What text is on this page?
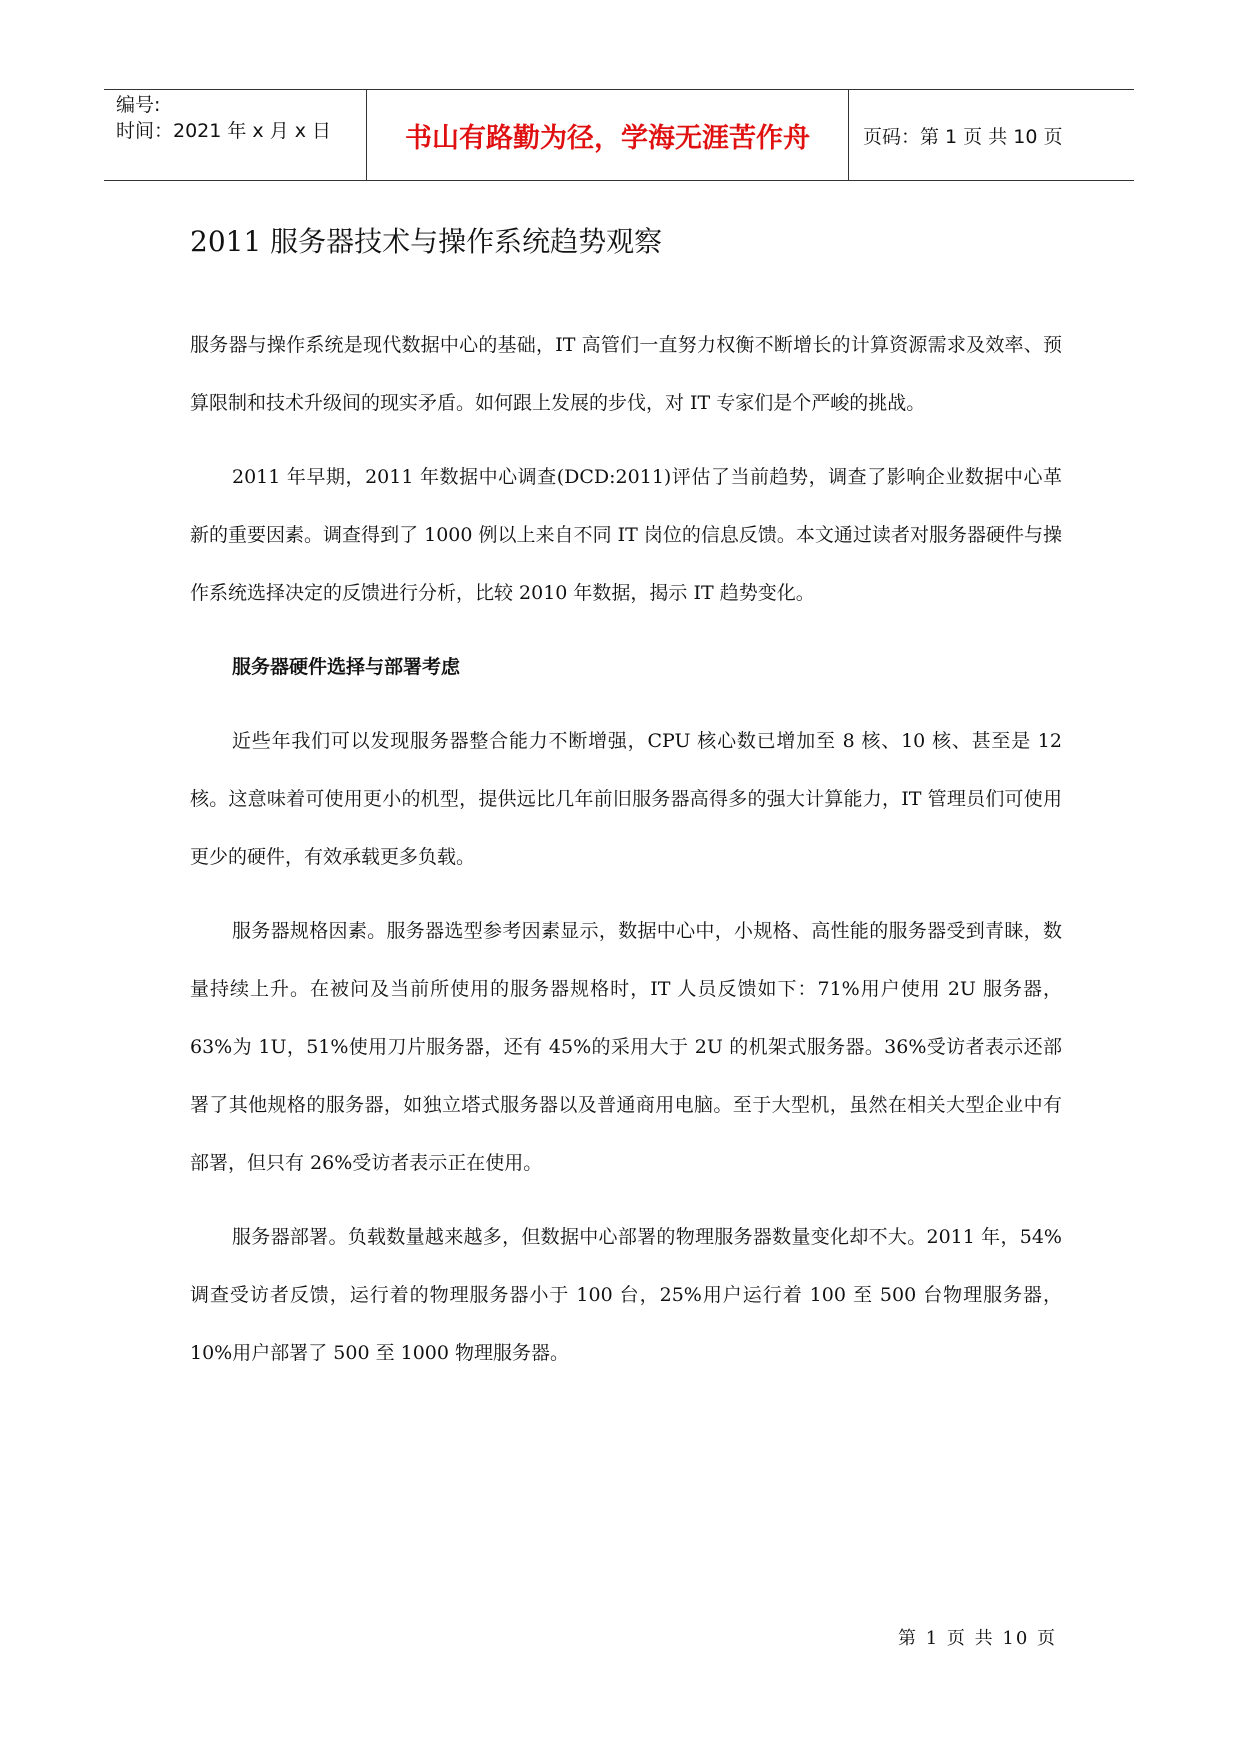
编号:
时间：2021 年 x 月 x 日	书山有路勤为径，学海无涯苦作舟	页码：第 1 页 共 10 页
2011 服务器技术与操作系统趋势观察

服务器与操作系统是现代数据中心的基础，IT 高管们一直努力权衡不断增长的计算资源需求及效率、预算限制和技术升级间的现实矛盾。如何跟上发展的步伐，对 IT 专家们是个严峻的挑战。

2011 年早期，2011 年数据中心调查(DCD:2011)评估了当前趋势，调查了影响企业数据中心革新的重要因素。调查得到了 1000 例以上来自不同 IT 岗位的信息反馈。本文通过读者对服务器硬件与操作系统选择决定的反馈进行分析，比较 2010 年数据，揭示 IT 趋势变化。

服务器硬件选择与部署考虑

近些年我们可以发现服务器整合能力不断增强，CPU 核心数已增加至 8 核、10 核、甚至是 12 核。这意味着可使用更小的机型，提供远比几年前旧服务器高得多的强大计算能力，IT 管理员们可使用更少的硬件，有效承载更多负载。

服务器规格因素。服务器选型参考因素显示，数据中心中，小规格、高性能的服务器受到青睐，数量持续上升。在被问及当前所使用的服务器规格时，IT 人员反馈如下：71%用户使用 2U 服务器，63%为 1U，51%使用刀片服务器，还有 45%的采用大于 2U 的机架式服务器。36%受访者表示还部署了其他规格的服务器，如独立塔式服务器以及普通商用电脑。至于大型机，虽然在相关大型企业中有部署，但只有 26%受访者表示正在使用。

服务器部署。负载数量越来越多，但数据中心部署的物理服务器数量变化却不大。2011 年，54%调查受访者反馈，运行着的物理服务器小于 100 台，25%用户运行着 100 至 500 台物理服务器，10%用户部署了 500 至 1000 物理服务器。

第 1 页 共 10 页
